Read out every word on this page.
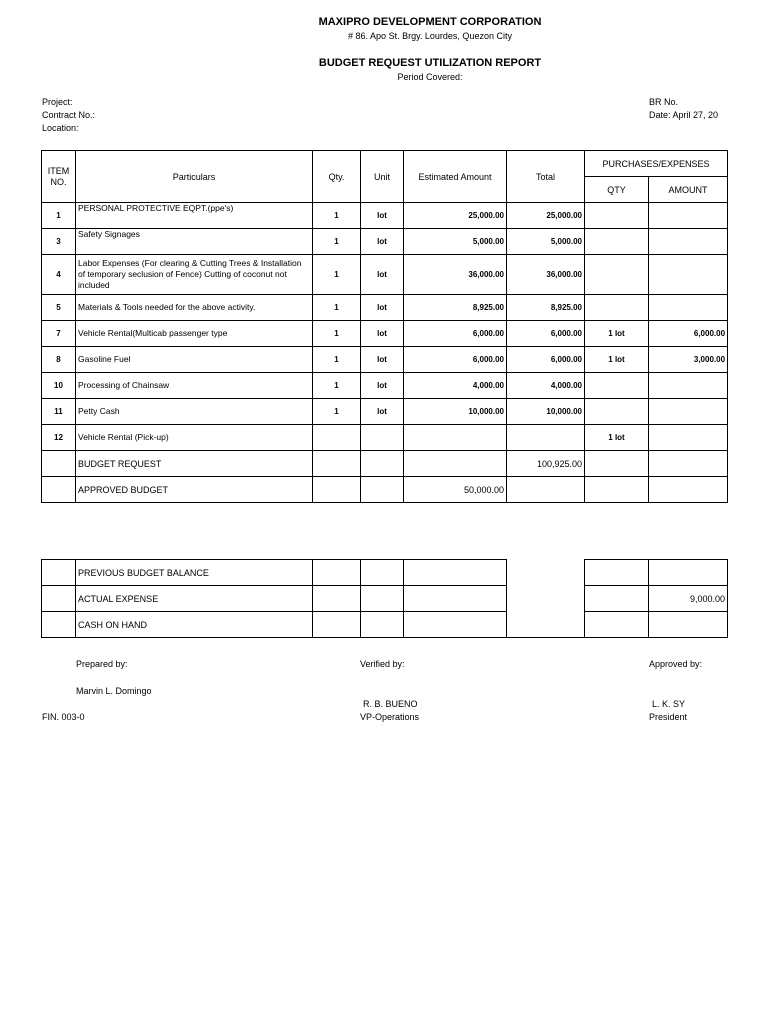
MAXIPRO DEVELOPMENT CORPORATION
# 86. Apo St. Brgy. Lourdes, Quezon City
BUDGET REQUEST UTILIZATION REPORT
Period Covered:
Project:
Contract No.:
Location:
BR No.
Date: April 27, 20
ITEM NO.	Particulars	Qty.	Unit	Estimated Amount	Total	PURCHASES/EXPENSES	
						QTY	AMOUNT
1	PERSONAL PROTECTIVE EQPT.(ppe's)	1	lot	25,000.00	25,000.00		
3	Safety Signages	1	lot	5,000.00	5,000.00		
4	Labor Expenses (For clearing & Cutting Trees & Installation of temporary seclusion of Fence) Cutting of coconut not included	1	lot	36,000.00	36,000.00		
5	Materials & Tools needed for the above activity.	1	lot	8,925.00	8,925.00		
7	Vehicle Rental(Multicab passenger type	1	lot	6,000.00	6,000.00	1 lot	6,000.00
8	Gasoline Fuel	1	lot	6,000.00	6,000.00	1 lot	3,000.00
10	Processing of Chainsaw	1	lot	4,000.00	4,000.00		
11	Petty Cash	1	lot	10,000.00	10,000.00		
12	Vehicle Rental (Pick-up)					1 lot	
	BUDGET REQUEST				100,925.00		
	APPROVED BUDGET			50,000.00			
	PREVIOUS BUDGET BALANCE						
	ACTUAL EXPENSE						9,000.00
	CASH ON HAND						
Prepared by:
Marvin L. Domingo
Verified by:
R. B. BUENO
VP-Operations
Approved by:
L. K. SY
President
FIN. 003-0
